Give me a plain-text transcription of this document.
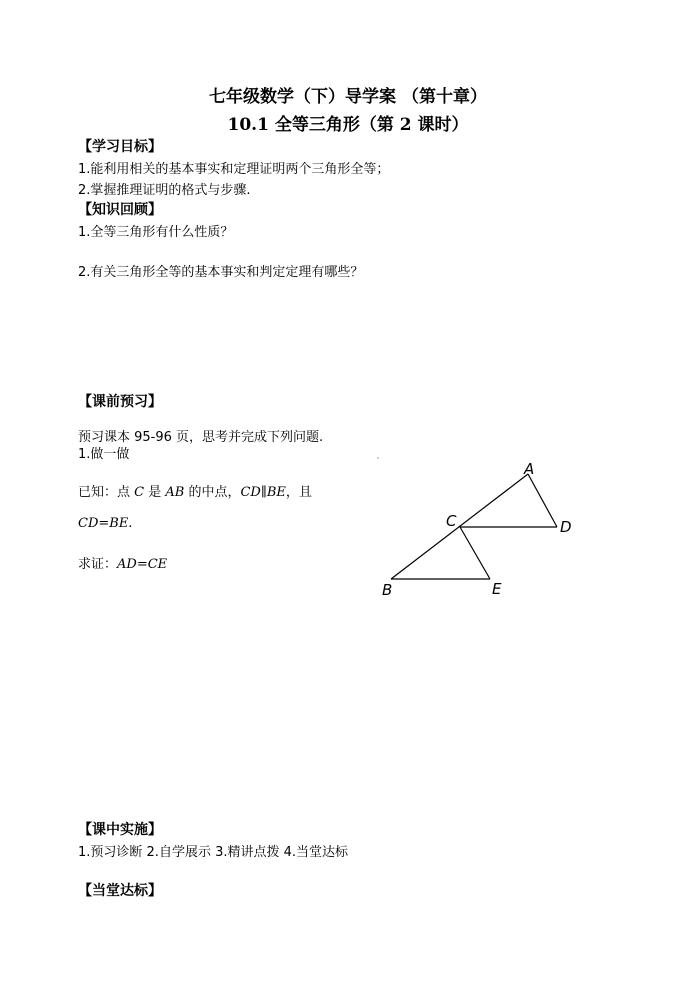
七年级数学（下）导学案 （第十章）
10.1 全等三角形（第 2 课时）
【学习目标】
1.能利用相关的基本事实和定理证明两个三角形全等；
2.掌握推理证明的格式与步骤.
【知识回顾】
1.全等三角形有什么性质？
2.有关三角形全等的基本事实和判定定理有哪些？
【课前预习】
预习课本 95-96 页，思考并完成下列问题.
1.做一做
已知：点 C 是 AB 的中点，CD∥BE，且
CD=BE.
求证：AD=CE
A
B
C	D
E
【课中实施】
1.预习诊断 2.自学展示 3.精讲点拨 4.当堂达标
【当堂达标】
